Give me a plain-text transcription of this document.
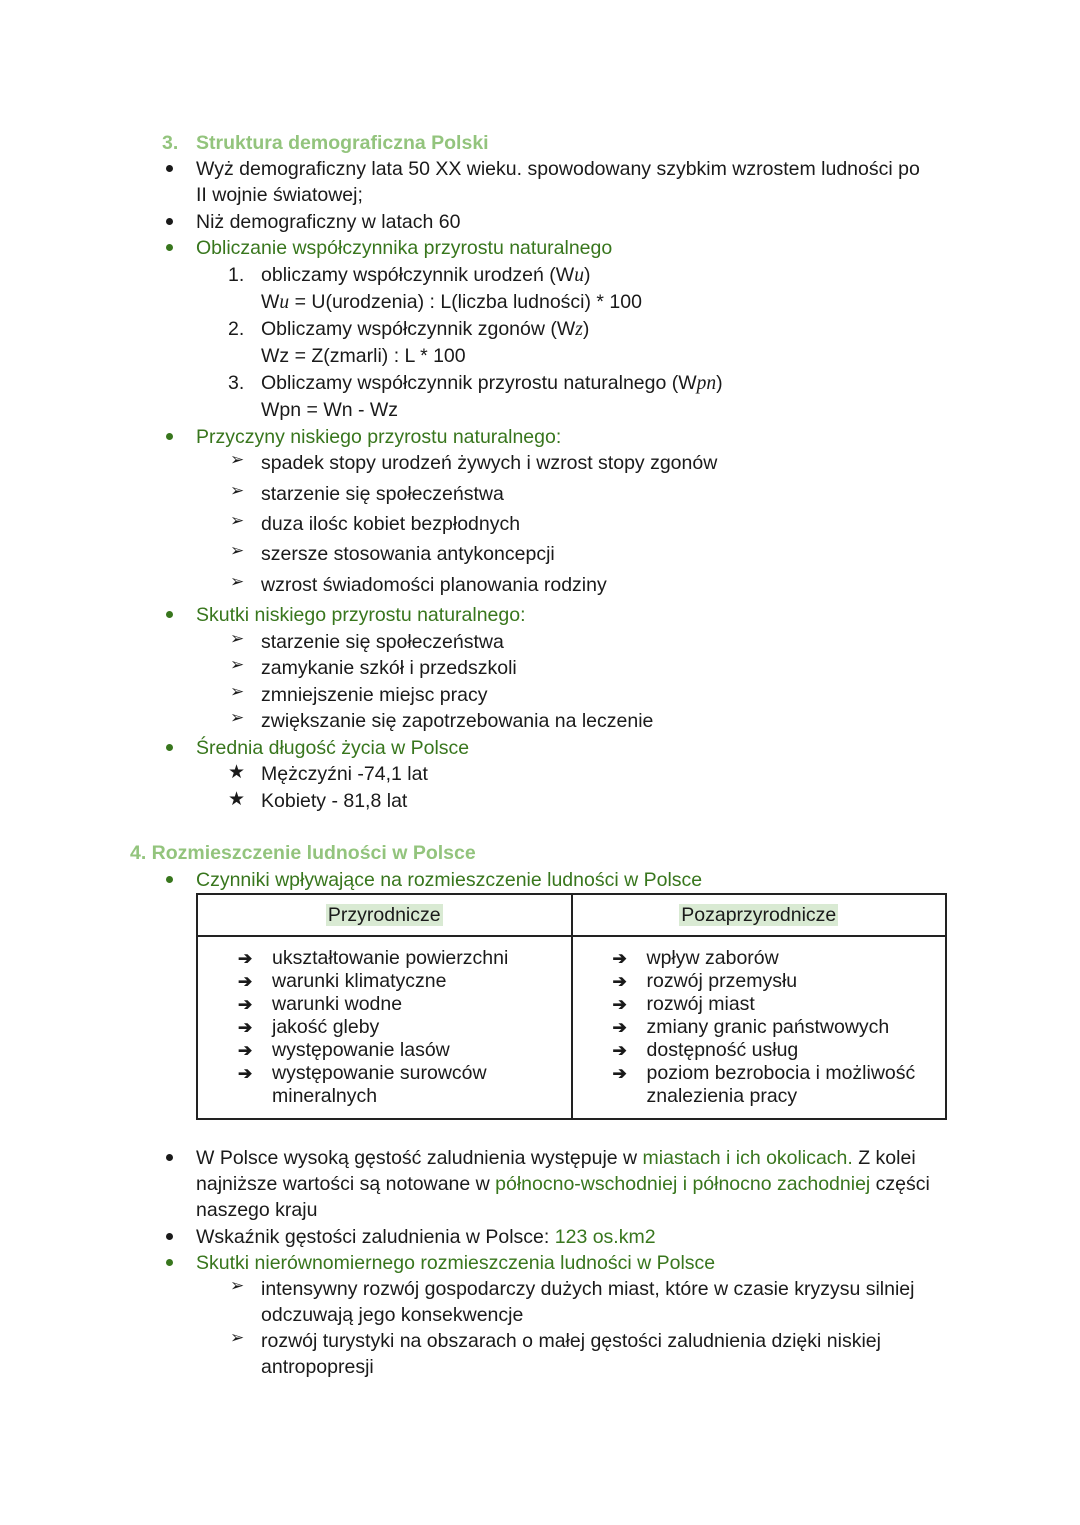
3. Struktura demograficzna Polski
Wyż demograficzny lata 50 XX wieku. spowodowany szybkim wzrostem ludności po
II wojnie światowej;
Niż demograficzny w latach 60
Obliczanie współczynnika przyrostu naturalnego
1. obliczamy współczynnik urodzeń (Wu)
Wu = U(urodzenia) : L(liczba ludności) * 100
2. Obliczamy współczynnik zgonów (Wz)
Wz = Z(zmarli) : L * 100
3. Obliczamy współczynnik przyrostu naturalnego (Wpn)
Wpn = Wn - Wz
Przyczyny niskiego przyrostu naturalnego:
➢ spadek stopy urodzeń żywych i wzrost stopy zgonów
➢ starzenie się społeczeństwa
➢ duza ilośc kobiet bezpłodnych
➢ szersze stosowania antykoncepcji
➢ wzrost świadomości planowania rodziny
Skutki niskiego przyrostu naturalnego:
➢ starzenie się społeczeństwa
➢ zamykanie szkół i przedszkoli
➢ zmniejszenie miejsc pracy
➢ zwiększanie się zapotrzebowania na leczenie
Średnia długość życia w Polsce
★ Mężczyźni -74,1 lat
★ Kobiety - 81,8 lat
4. Rozmieszczenie ludności w Polsce
Czynniki wpływające na rozmieszczenie ludności w Polsce
Przyrodnicze	Pozaprzyrodnicze

➔ ukształtowanie powierzchni
➔ warunki klimatyczne
➔ warunki wodne
➔ jakość gleby
➔ występowanie lasów
➔ występowanie surowców mineralnych

➔ wpływ zaborów
➔ rozwój przemysłu
➔ rozwój miast
➔ zmiany granic państwowych
➔ dostępność usług
➔ poziom bezrobocia i możliwość znalezienia pracy
W Polsce wysoką gęstość zaludnienia występuje w miastach i ich okolicach. Z kolei
najniższe wartości są notowane w północno-wschodniej i północno zachodniej części
naszego kraju
Wskaźnik gęstości zaludnienia w Polsce: 123 os.km2
Skutki nierównomiernego rozmieszczenia ludności w Polsce
➢ intensywny rozwój gospodarczy dużych miast, które w czasie kryzysu silniej
odczuwają jego konsekwencje
➢ rozwój turystyki na obszarach o małej gęstości zaludnienia dzięki niskiej
antropopresji
